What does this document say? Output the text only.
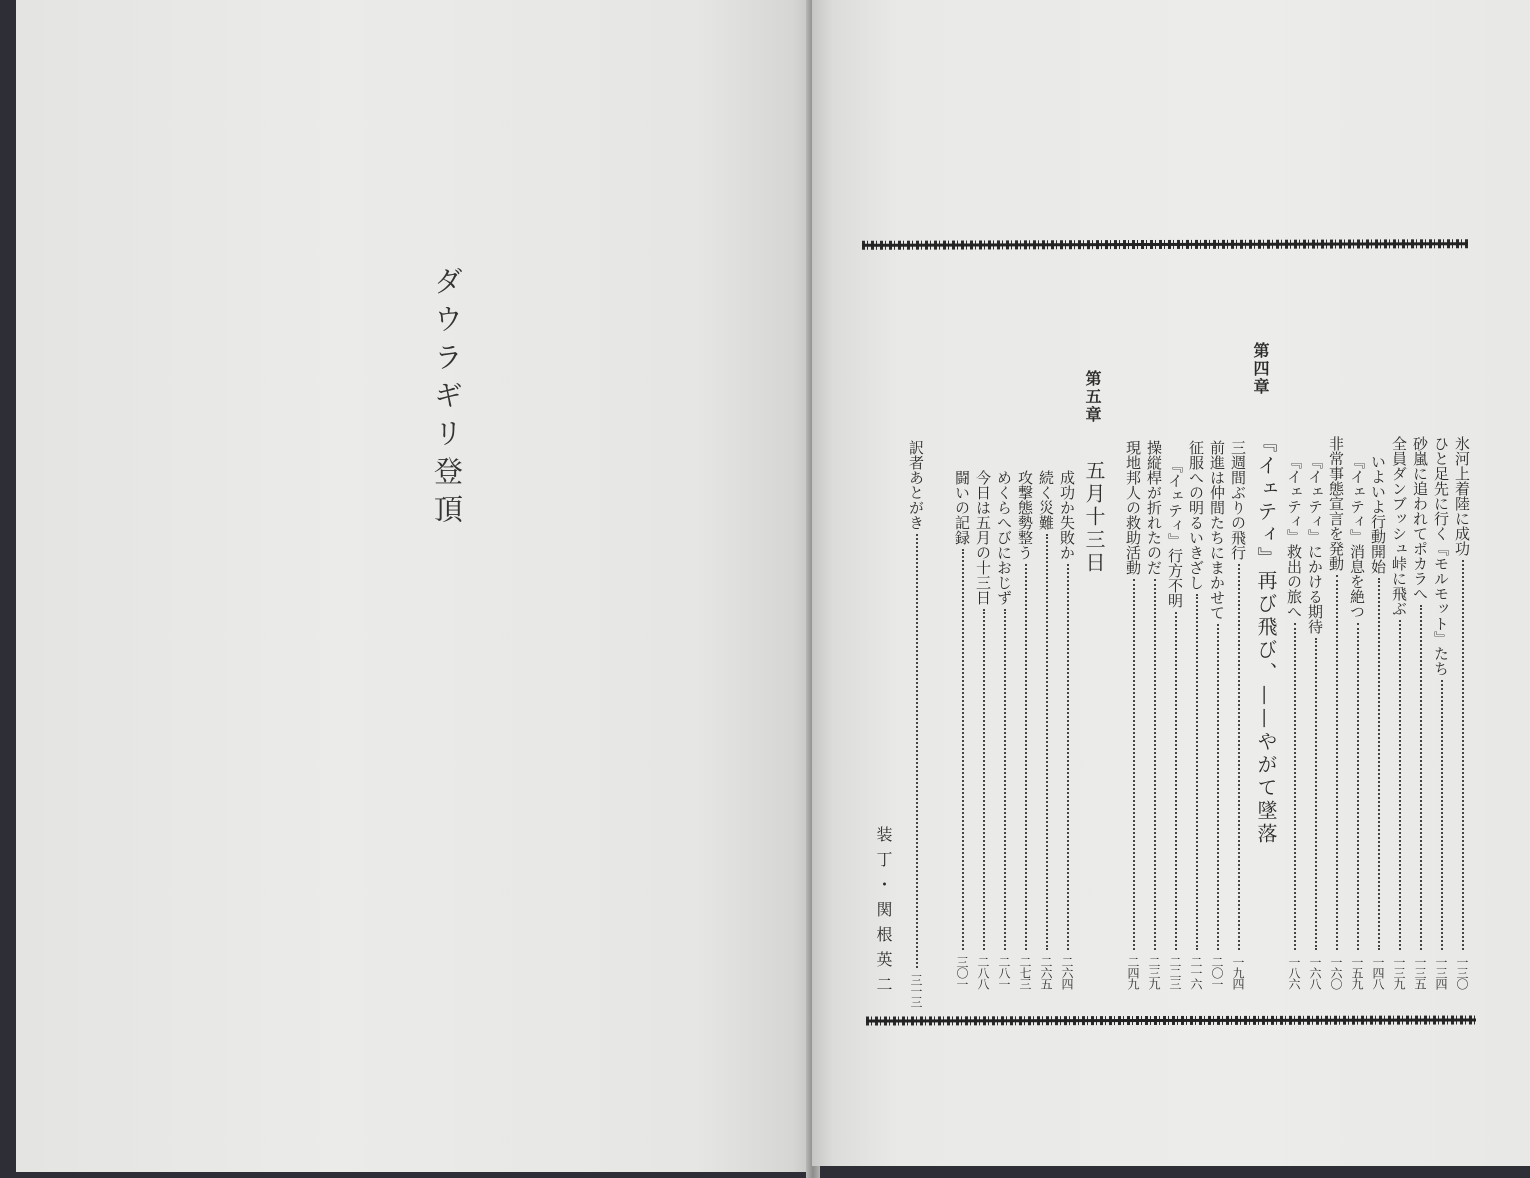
ダウラギリ登頂	氷河上着陸に成功
一三〇
ひと足先に行く『モルモット』たち
一三四
砂嵐に追われてポカラへ
一三五
全員ダンブッシュ峠に飛ぶ
一三九
いよいよ行動開始
一四八
『イェティ』消息を絶つ
一五九
非常事態宣言を発動
一六〇
『イェティ』にかける期待
一六八
『イェティ』救出の旅へ
一八六
三週間ぶりの飛行
一九四
前進は仲間たちにまかせて
二〇一
征服への明るいきざし
二一六
『イェティ』行方不明
二二三
操縦桿が折れたのだ
二三九
現地邦人の救助活動
二四九
成功か失敗か
二六四
続く災難
二六五
攻撃態勢整う
二七三
めくらへびにおじず
二八一
今日は五月の十三日
二八八
闘いの記録
三〇一
訳者あとがき
三一三
第四章
『イェティ』再び飛び、——やがて墜落
第五章
五月十三日
装丁・関根英二
